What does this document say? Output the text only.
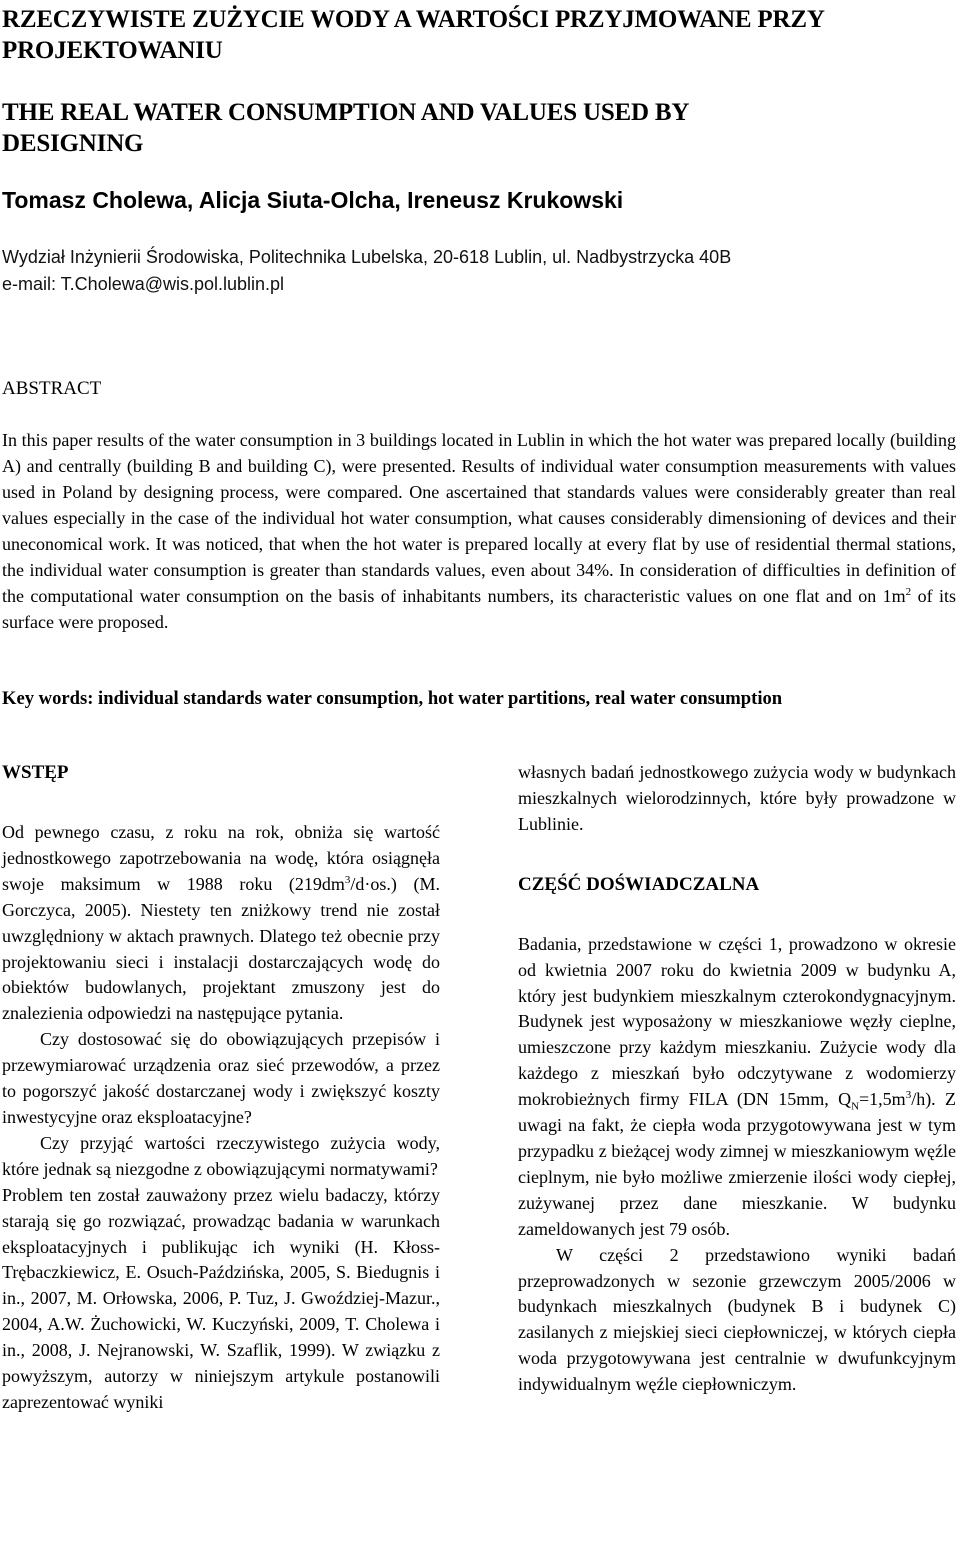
RZECZYWISTE ZUŻYCIE WODY A WARTOŚCI PRZYJMOWANE PRZY PROJEKTOWANIU
THE REAL WATER CONSUMPTION AND VALUES USED BY DESIGNING
Tomasz Cholewa, Alicja Siuta-Olcha, Ireneusz Krukowski
Wydział Inżynierii Środowiska, Politechnika Lubelska, 20-618 Lublin, ul. Nadbystrzycka 40B
e-mail: T.Cholewa@wis.pol.lublin.pl
ABSTRACT
In this paper results of the water consumption in 3 buildings located in Lublin in which the hot water was prepared locally (building A) and centrally (building B and building C), were presented. Results of individual water consumption measurements with values used in Poland by designing process, were compared. One ascertained that standards values were considerably greater than real values especially in the case of the individual hot water consumption, what causes considerably dimensioning of devices and their uneconomical work. It was noticed, that when the hot water is prepared locally at every flat by use of residential thermal stations, the individual water consumption is greater than standards values, even about 34%. In consideration of difficulties in definition of the computational water consumption on the basis of inhabitants numbers, its characteristic values on one flat and on $1m^2$ of its surface were proposed.
Key words: individual standards water consumption, hot water partitions, real water consumption
WSTĘP

Od pewnego czasu, z roku na rok, obniża się wartość jednostkowego zapotrzebowania na wodę, która osiągnęła swoje maksimum w 1988 roku $(219dm^3/d\cdot os.)$ (M. Gorczyca, 2005). Niestety ten zniżkowy trend nie został uwzględniony w aktach prawnych. Dlatego też obecnie przy projektowaniu sieci i instalacji dostarczających wodę do obiektów budowlanych, projektant zmuszony jest do znalezienia odpowiedzi na następujące pytania.

Czy dostosować się do obowiązujących przepisów i przewymiarować urządzenia oraz sieć przewodów, a przez to pogorszyć jakość dostarczanej wody i zwiększyć koszty inwestycyjne oraz eksploatacyjne?

Czy przyjąć wartości rzeczywistego zużycia wody, które jednak są niezgodne z obowiązującymi normatywami?

Problem ten został zauważony przez wielu badaczy, którzy starają się go rozwiązać, prowadząc badania w warunkach eksploatacyjnych i publikując ich wyniki (H. Kłoss-Trębaczkiewicz, E. Osuch-Paździńska, 2005, S. Biedugnis i in., 2007, M. Orłowska, 2006, P. Tuz, J. Gwoździej-Mazur., 2004, A.W. Żuchowicki, W. Kuczyński, 2009, T. Cholewa i in., 2008, J. Nejranowski, W. Szaflik, 1999). W związku z powyższym, autorzy w niniejszym artykule postanowili zaprezentować wyniki

własnych badań jednostkowego zużycia wody w budynkach mieszkalnych wielorodzinnych, które były prowadzone w Lublinie.

CZĘŚĆ DOŚWIADCZALNA

Badania, przedstawione w części 1, prowadzono w okresie od kwietnia 2007 roku do kwietnia 2009 w budynku A, który jest budynkiem mieszkalnym czterokondygnacyjnym. Budynek jest wyposażony w mieszkaniowe węzły cieplne, umieszczone przy każdym mieszkaniu. Zużycie wody dla każdego z mieszkań było odczytywane z wodomierzy mokrobieżnych firmy FILA (DN 15mm, $Q_N=1,5m^3/h$). Z uwagi na fakt, że ciepła woda przygotowywana jest w tym przypadku z bieżącej wody zimnej w mieszkaniowym węźle cieplnym, nie było możliwe zmierzenie ilości wody ciepłej, zużywanej przez dane mieszkanie. W budynku zameldowanych jest 79 osób.

W części 2 przedstawiono wyniki badań przeprowadzonych w sezonie grzewczym 2005/2006 w budynkach mieszkalnych (budynek B i budynek C) zasilanych z miejskiej sieci ciepłowniczej, w których ciepła woda przygotowywana jest centralnie w dwufunkcyjnym indywidualnym węźle ciepłowniczym.
